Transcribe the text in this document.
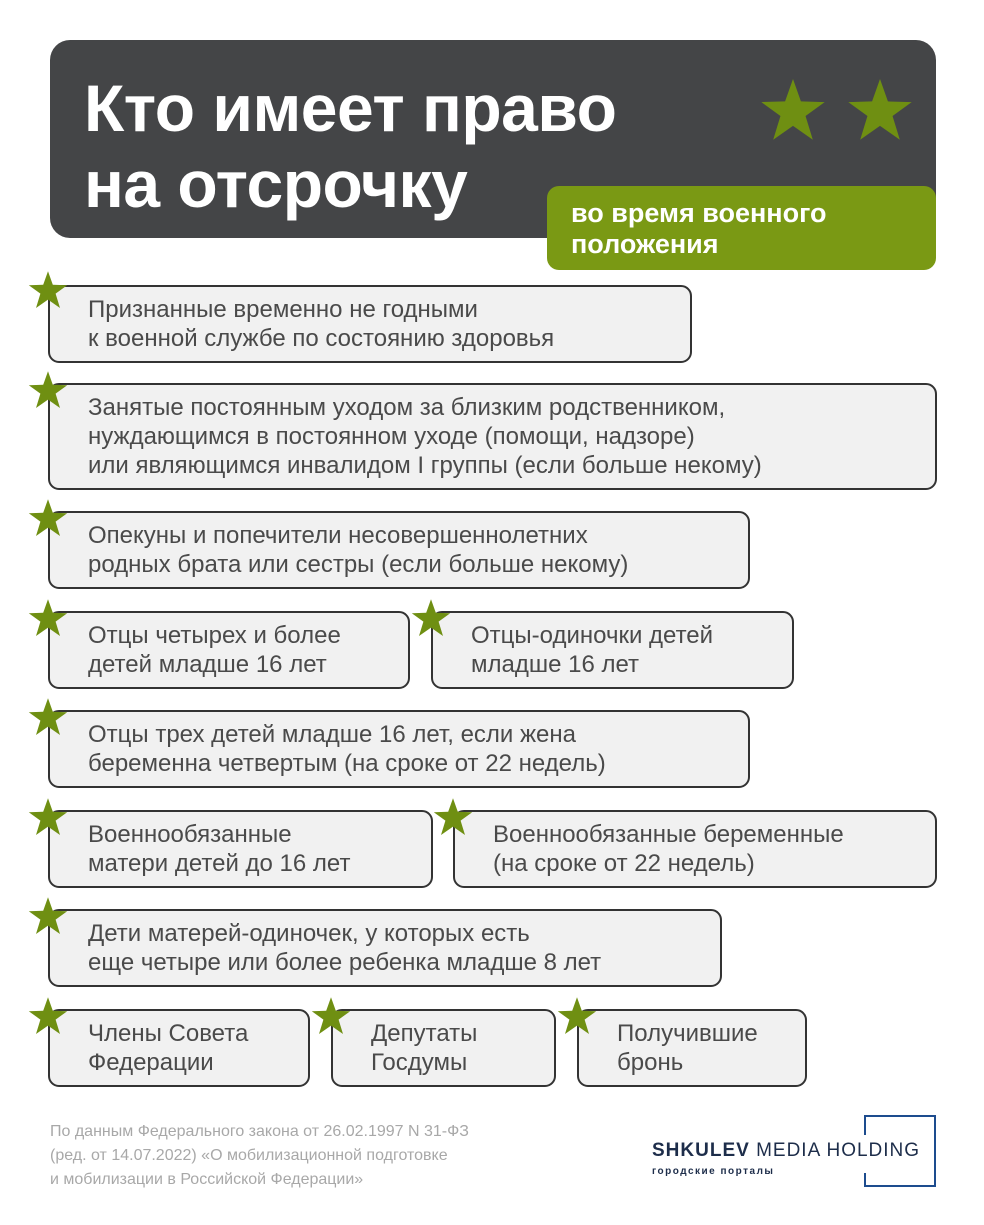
Кто имеет право
на отсрочку	во время военного
положения
Признанные временно не годными
к военной службе по состоянию здоровья
Занятые постоянным уходом за близким родственником,
нуждающимся в постоянном уходе (помощи, надзоре)
или являющимся инвалидом I группы (если больше некому)
Опекуны и попечители несовершеннолетних
родных брата или сестры (если больше некому)
Отцы четырех и более
детей младше 16 лет
Отцы-одиночки детей
младше 16 лет
Отцы трех детей младше 16 лет, если жена
беременна четвертым (на сроке от 22 недель)
Военнообязанные
матери детей до 16 лет
Военнообязанные беременные
(на сроке от 22 недель)
Дети матерей-одиночек, у которых есть
еще четыре или более ребенка младше 8 лет
Члены Совета
Федерации
Депутаты
Госдумы
Получившие
бронь
По данным Федерального закона от 26.02.1997 N 31-ФЗ
(ред. от 14.07.2022) «О мобилизационной подготовке
и мобилизации в Российской Федерации»
SHKULEV MEDIA HOLDING
городские порталы
